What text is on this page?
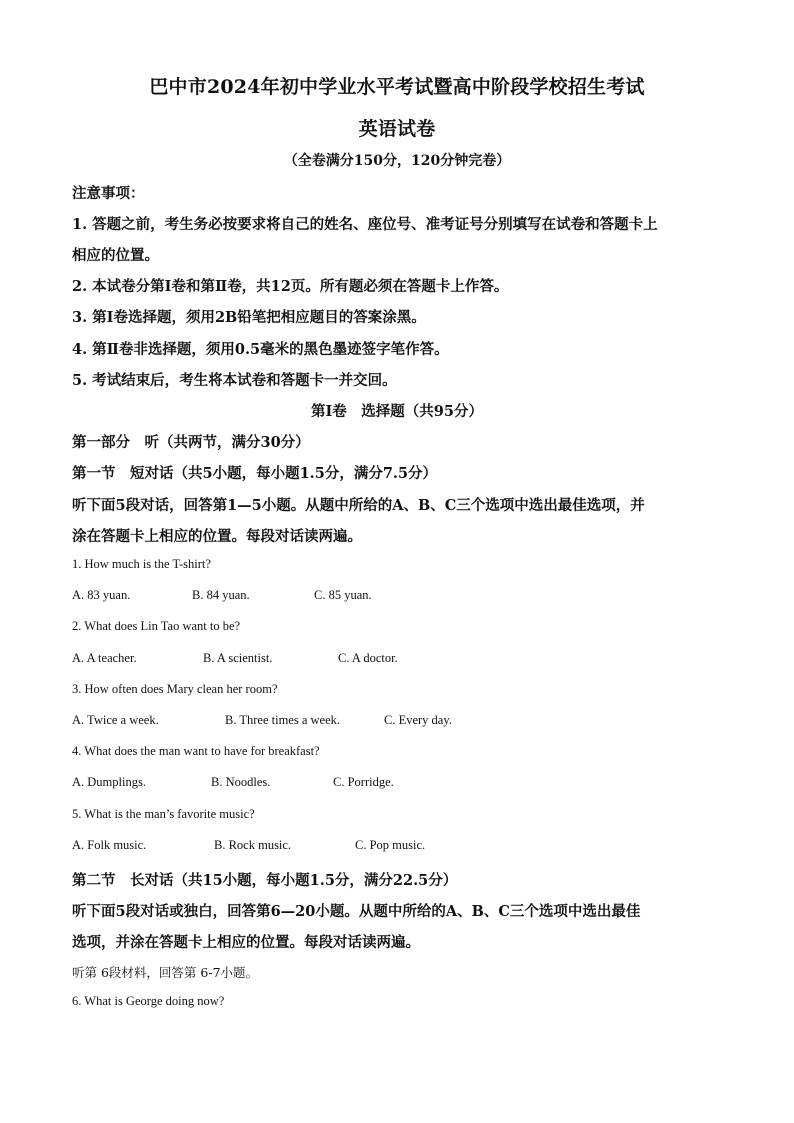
巴中市2024年初中学业水平考试暨高中阶段学校招生考试
英语试卷
（全卷满分150分，120分钟完卷）
注意事项：
1. 答题之前，考生务必按要求将自己的姓名、座位号、准考证号分别填写在试卷和答题卡上
相应的位置。
2. 本试卷分第Ⅰ卷和第Ⅱ卷，共12页。所有题必须在答题卡上作答。
3. 第Ⅰ卷选择题，须用2B铅笔把相应题目的答案涂黑。
4. 第Ⅱ卷非选择题，须用0.5毫米的黑色墨迹签字笔作答。
5. 考试结束后，考生将本试卷和答题卡一并交回。
第Ⅰ卷　选择题（共95分）
第一部分　听（共两节，满分30分）
第一节　短对话（共5小题，每小题1.5分，满分7.5分）
听下面5段对话，回答第1—5小题。从题中所给的A、B、C三个选项中选出最佳选项，并
涂在答题卡上相应的位置。每段对话读两遍。
1. How much is the T-shirt?
A. 83 yuan.	B. 84 yuan.	C. 85 yuan.
2. What does Lin Tao want to be?
A. A teacher.	B. A scientist.	C. A doctor.
3. How often does Mary clean her room?
A. Twice a week.	B. Three times a week.	C. Every day.
4. What does the man want to have for breakfast?
A. Dumplings.	B. Noodles.	C. Porridge.
5. What is the man’s favorite music?
A. Folk music.	B. Rock music.	C. Pop music.
第二节　长对话（共15小题，每小题1.5分，满分22.5分）
听下面5段对话或独白，回答第6—20小题。从题中所给的A、B、C三个选项中选出最佳
选项，并涂在答题卡上相应的位置。每段对话读两遍。
听第 6段材料，回答第 6-7小题。
6. What is George doing now?
